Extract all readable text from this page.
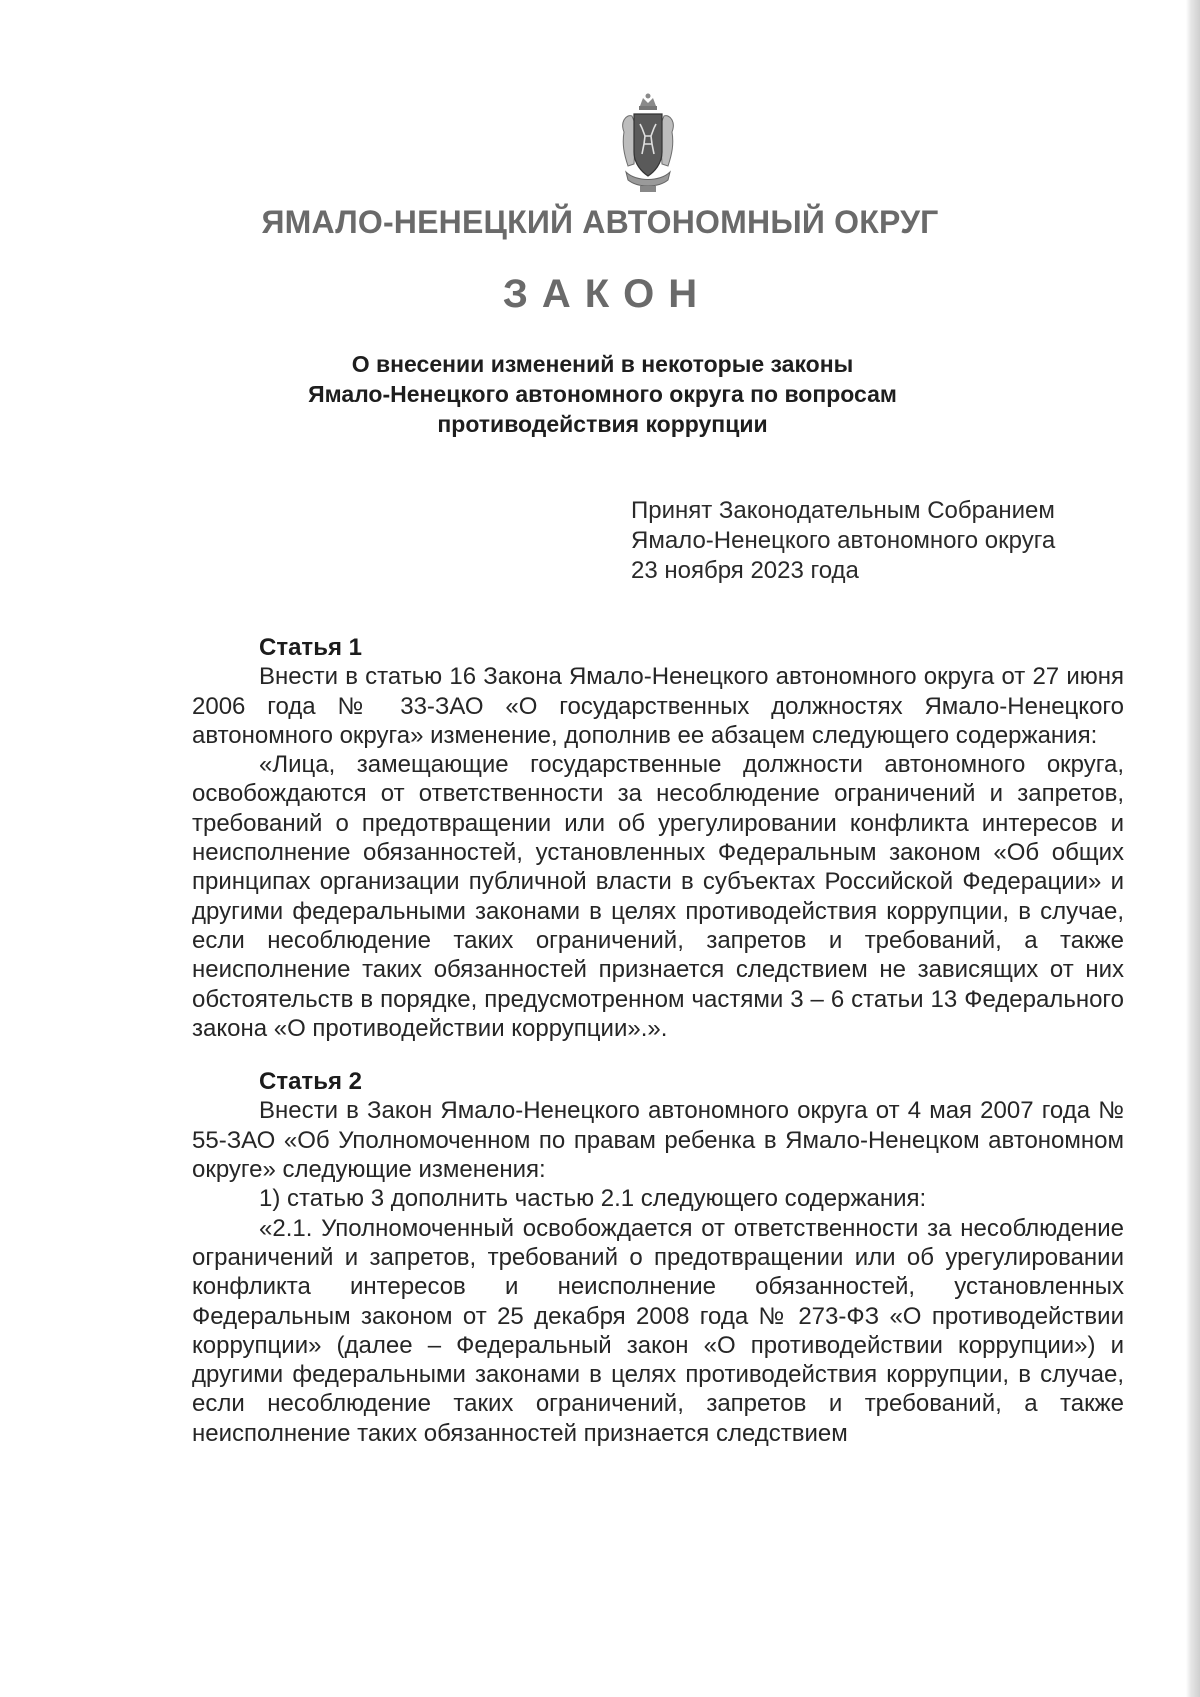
ЯМАЛО-НЕНЕЦКИЙ АВТОНОМНЫЙ ОКРУГ
ЗАКОН
О внесении изменений в некоторые законы
Ямало-Ненецкого автономного округа по вопросам
противодействия коррупции
Принят Законодательным Собранием
Ямало-Ненецкого автономного округа
23 ноября 2023 года
Статья 1

Внести в статью 16 Закона Ямало-Ненецкого автономного округа от 27 июня 2006 года № 33-ЗАО «О государственных должностях Ямало-Ненецкого автономного округа» изменение, дополнив ее абзацем следующего содержания:

«Лица, замещающие государственные должности автономного округа, освобождаются от ответственности за несоблюдение ограничений и запретов, требований о предотвращении или об урегулировании конфликта интересов и неисполнение обязанностей, установленных Федеральным законом «Об общих принципах организации публичной власти в субъектах Российской Федерации» и другими федеральными законами в целях противодействия коррупции, в случае, если несоблюдение таких ограничений, запретов и требований, а также неисполнение таких обязанностей признается следствием не зависящих от них обстоятельств в порядке, предусмотренном частями 3 – 6 статьи 13 Федерального закона «О противодействии коррупции».».

Статья 2

Внести в Закон Ямало-Ненецкого автономного округа от 4 мая 2007 года № 55-ЗАО «Об Уполномоченном по правам ребенка в Ямало-Ненецком автономном округе» следующие изменения:

1) статью 3 дополнить частью 2.1 следующего содержания:

«2.1. Уполномоченный освобождается от ответственности за несоблюдение ограничений и запретов, требований о предотвращении или об урегулировании конфликта интересов и неисполнение обязанностей, установленных Федеральным законом от 25 декабря 2008 года № 273-ФЗ «О противодействии коррупции» (далее – Федеральный закон «О противодействии коррупции») и другими федеральными законами в целях противодействия коррупции, в случае, если несоблюдение таких ограничений, запретов и требований, а также неисполнение таких обязанностей признается следствием
